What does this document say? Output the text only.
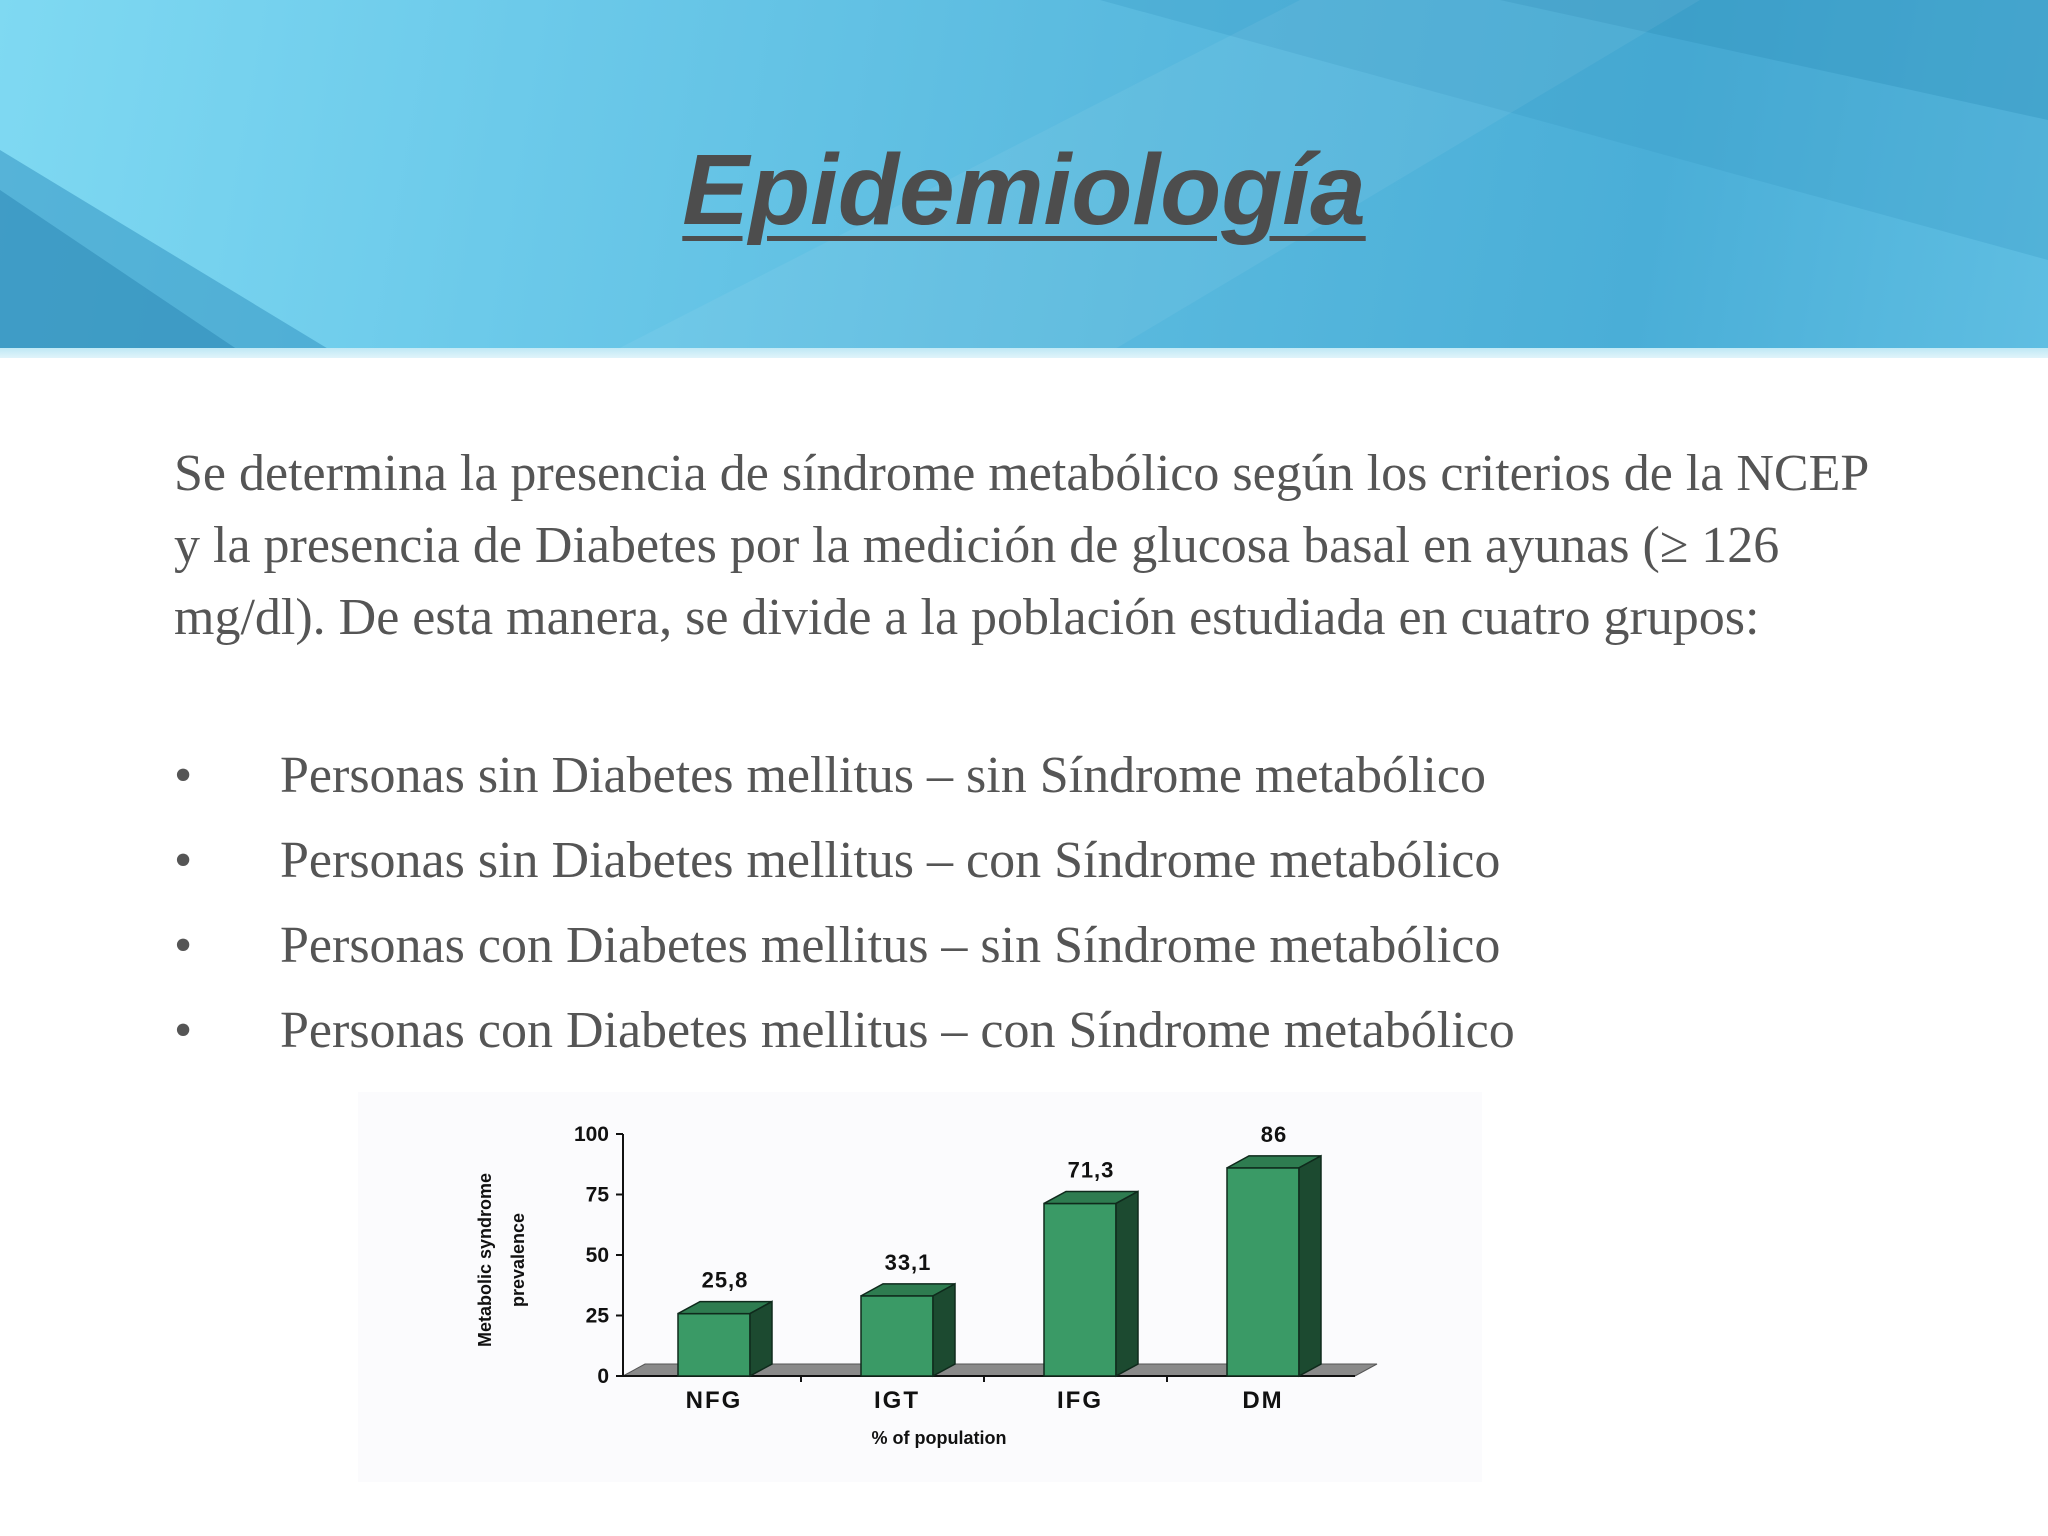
Epidemiología

Se determina la presencia de síndrome metabólico según los criterios de la NCEP y la presencia de Diabetes por la medición de glucosa basal en ayunas (≥ 126 mg/dl). De esta manera, se divide a la población estudiada en cuatro grupos:

•	Personas sin Diabetes mellitus – sin Síndrome metabólico
•	Personas sin Diabetes mellitus – con Síndrome metabólico
•	Personas con Diabetes mellitus – sin Síndrome metabólico
•	Personas con Diabetes mellitus – con Síndrome metabólico
0
25
50
75
100
25,8
NFG
33,1
IGT
71,3
IFG
86
DM
% of population
Metabolic syndrome prevalence
